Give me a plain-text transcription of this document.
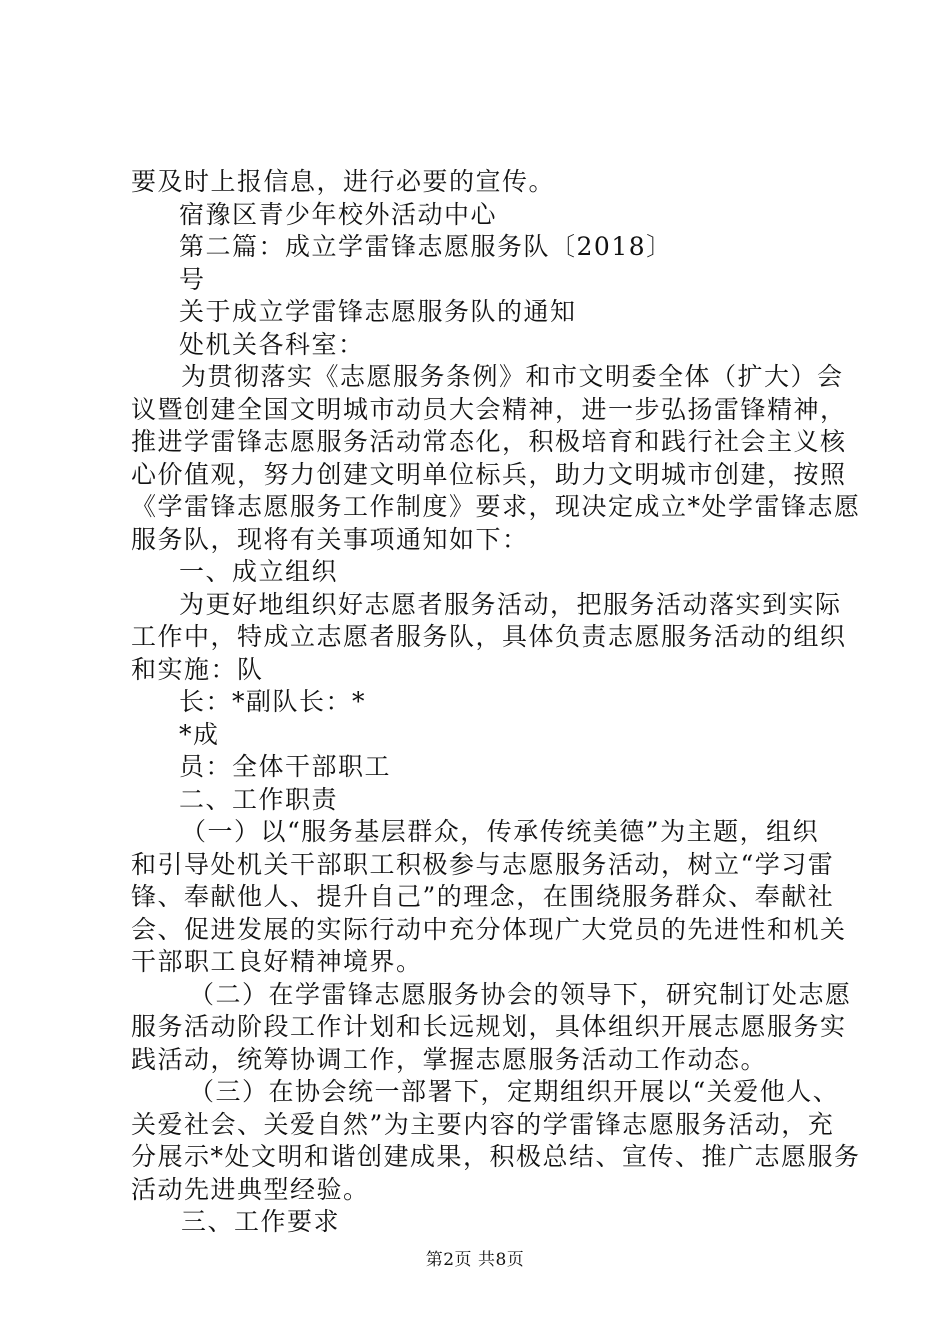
要及时上报信息，进行必要的宣传。
宿豫区青少年校外活动中心
第二篇：成立学雷锋志愿服务队〔2018〕
号
关于成立学雷锋志愿服务队的通知
处机关各科室：
为贯彻落实《志愿服务条例》和市文明委全体（扩大）会
议暨创建全国文明城市动员大会精神，进一步弘扬雷锋精神，
推进学雷锋志愿服务活动常态化，积极培育和践行社会主义核
心价值观，努力创建文明单位标兵，助力文明城市创建，按照
《学雷锋志愿服务工作制度》要求，现决定成立*处学雷锋志愿
服务队，现将有关事项通知如下：
一、成立组织
为更好地组织好志愿者服务活动，把服务活动落实到实际
工作中，特成立志愿者服务队，具体负责志愿服务活动的组织
和实施：队
长：*副队长：*
*成
员：全体干部职工
二、工作职责
（一）以“服务基层群众，传承传统美德”为主题，组织
和引导处机关干部职工积极参与志愿服务活动，树立“学习雷
锋、奉献他人、提升自己”的理念，在围绕服务群众、奉献社
会、促进发展的实际行动中充分体现广大党员的先进性和机关
干部职工良好精神境界。
（二）在学雷锋志愿服务协会的领导下，研究制订处志愿
服务活动阶段工作计划和长远规划，具体组织开展志愿服务实
践活动，统筹协调工作，掌握志愿服务活动工作动态。
（三）在协会统一部署下，定期组织开展以“关爱他人、
关爱社会、关爱自然”为主要内容的学雷锋志愿服务活动，充
分展示*处文明和谐创建成果，积极总结、宣传、推广志愿服务
活动先进典型经验。
三、工作要求
第2页 共8页
